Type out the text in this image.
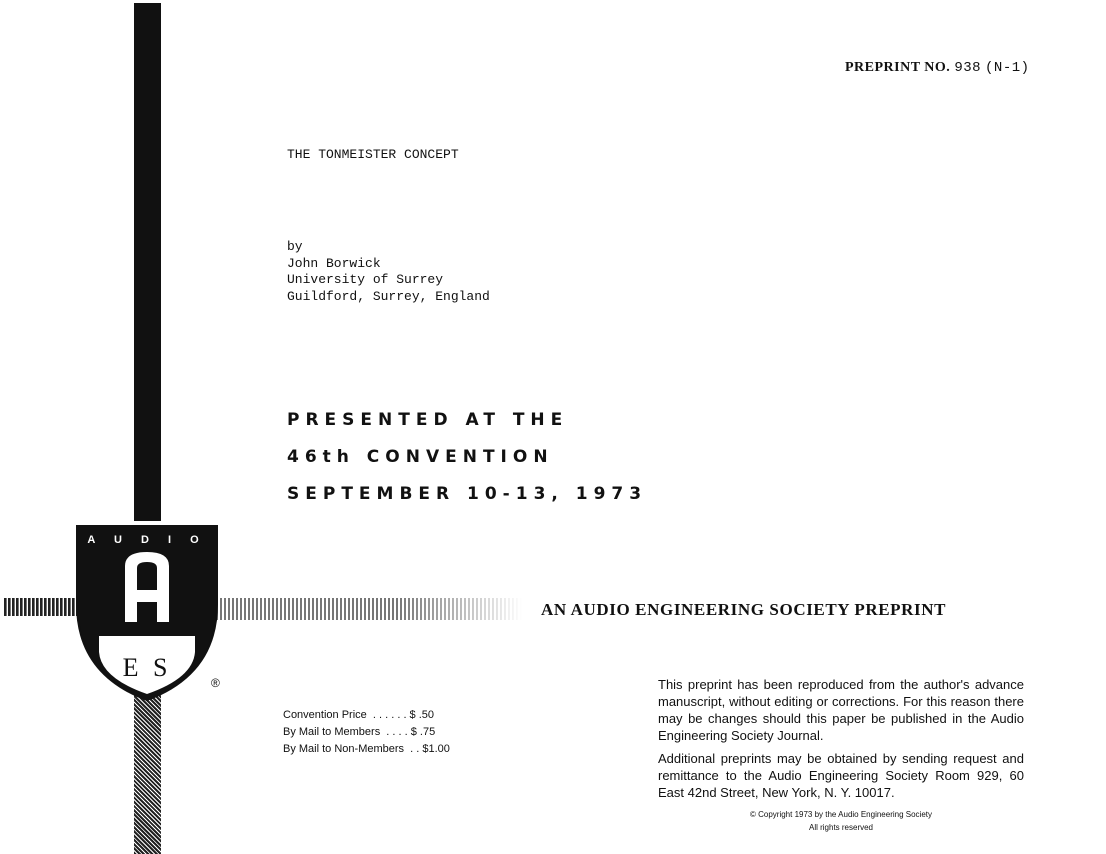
PREPRINT NO. 938 (N-1)
THE TONMEISTER CONCEPT
by
John Borwick
University of Surrey
Guildford, Surrey, England
PRESENTED AT THE
46th CONVENTION
SEPTEMBER 10-13, 1973
A U D I O
E S
®
AN AUDIO ENGINEERING SOCIETY PREPRINT
Convention Price  . . . . . . $ .50
By Mail to Members  . . . . $ .75
By Mail to Non-Members  . . $1.00

This preprint has been reproduced from the author's advance manuscript, without editing or corrections. For this reason there may be changes should this paper be published in the Audio Engineering Society Journal.

Additional preprints may be obtained by sending request and remittance to the Audio Engineering Society Room 929, 60 East 42nd Street, New York, N. Y. 10017.

© Copyright 1973 by the Audio Engineering Society
All rights reserved
